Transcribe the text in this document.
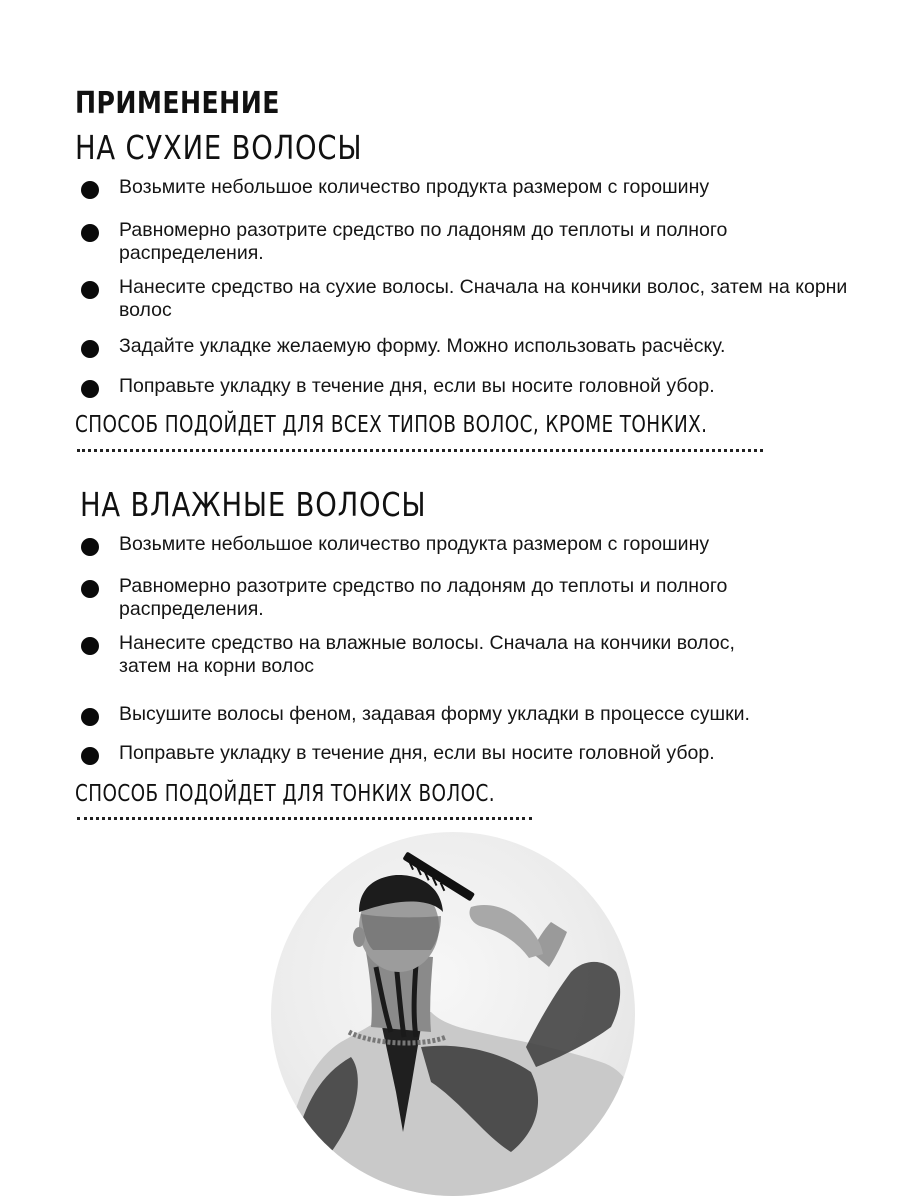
ПРИМЕНЕНИЕ
НА СУХИЕ ВОЛОСЫ
Возьмите небольшое количество продукта размером с горошину
Равномерно разотрите средство по ладоням до теплоты и полного распределения.
Нанесите средство на сухие волосы. Сначала на кончики волос, затем на корни волос
Задайте укладке желаемую форму. Можно использовать расчёску.
Поправьте укладку в течение дня, если вы носите головной убор.

СПОСОБ ПОДОЙДЕТ ДЛЯ ВСЕХ ТИПОВ ВОЛОС, КРОМЕ ТОНКИХ.

НА ВЛАЖНЫЕ ВОЛОСЫ
Возьмите небольшое количество продукта размером с горошину
Равномерно разотрите средство по ладоням до теплоты и полного распределения.
Нанесите средство на влажные волосы. Сначала на кончики волос, затем на корни волос
Высушите волосы феном, задавая форму укладки в процессе сушки.
Поправьте укладку в течение дня, если вы носите головной убор.

СПОСОБ ПОДОЙДЕТ ДЛЯ ТОНКИХ ВОЛОС.
